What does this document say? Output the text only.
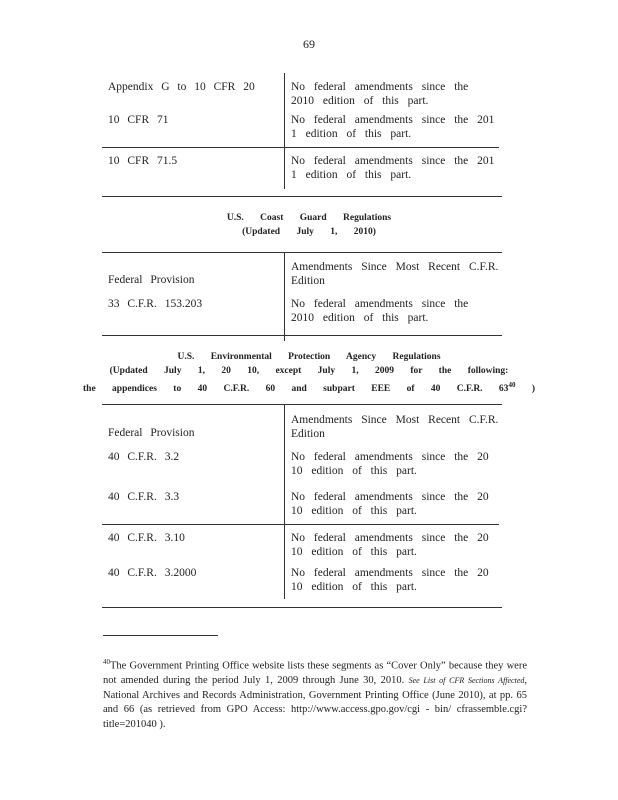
69
Appendix G to 10 CFR 20	No federal amendments since the 2010 edition of this part.
10 CFR 71	No federal amendments since the 201 1 edition of this part.
10 CFR 71.5	No federal amendments since the 201 1 edition of this part.
U.S. Coast Guard Regulations
(Updated July 1, 2010)
Federal Provision	Amendments Since Most Recent C.F.R. Edition
33 C.F.R. 153.203	No federal amendments since the 2010 edition of this part.
U.S. Environmental Protection Agency Regulations
(Updated July 1, 20 10, except July 1, 2009 for the following:
the appendices to 40 C.F.R. 60 and subpart EEE of 40 C.F.R. $63^{40}$ )
Federal Provision	Amendments Since Most Recent C.F.R. Edition
40 C.F.R. 3.2	No federal amendments since the 20 10 edition of this part.
40 C.F.R. 3.3	No federal amendments since the 20 10 edition of this part.
40 C.F.R. 3.10	No federal amendments since the 20 10 edition of this part.
40 C.F.R. 3.2000	No federal amendments since the 20 10 edition of this part.
$^{40}$The Government Printing Office website lists these segments as “Cover Only” because they were not amended during the period July 1, 2009 through June 30, 2010. See List of CFR Sections Affected, National Archives and Records Administration, Government Printing Office (June 2010), at pp. 65 and 66 (as retrieved from GPO Access: http://www.access.gpo.gov/cgi - bin/ cfrassemble.cgi? title=201040 ).
